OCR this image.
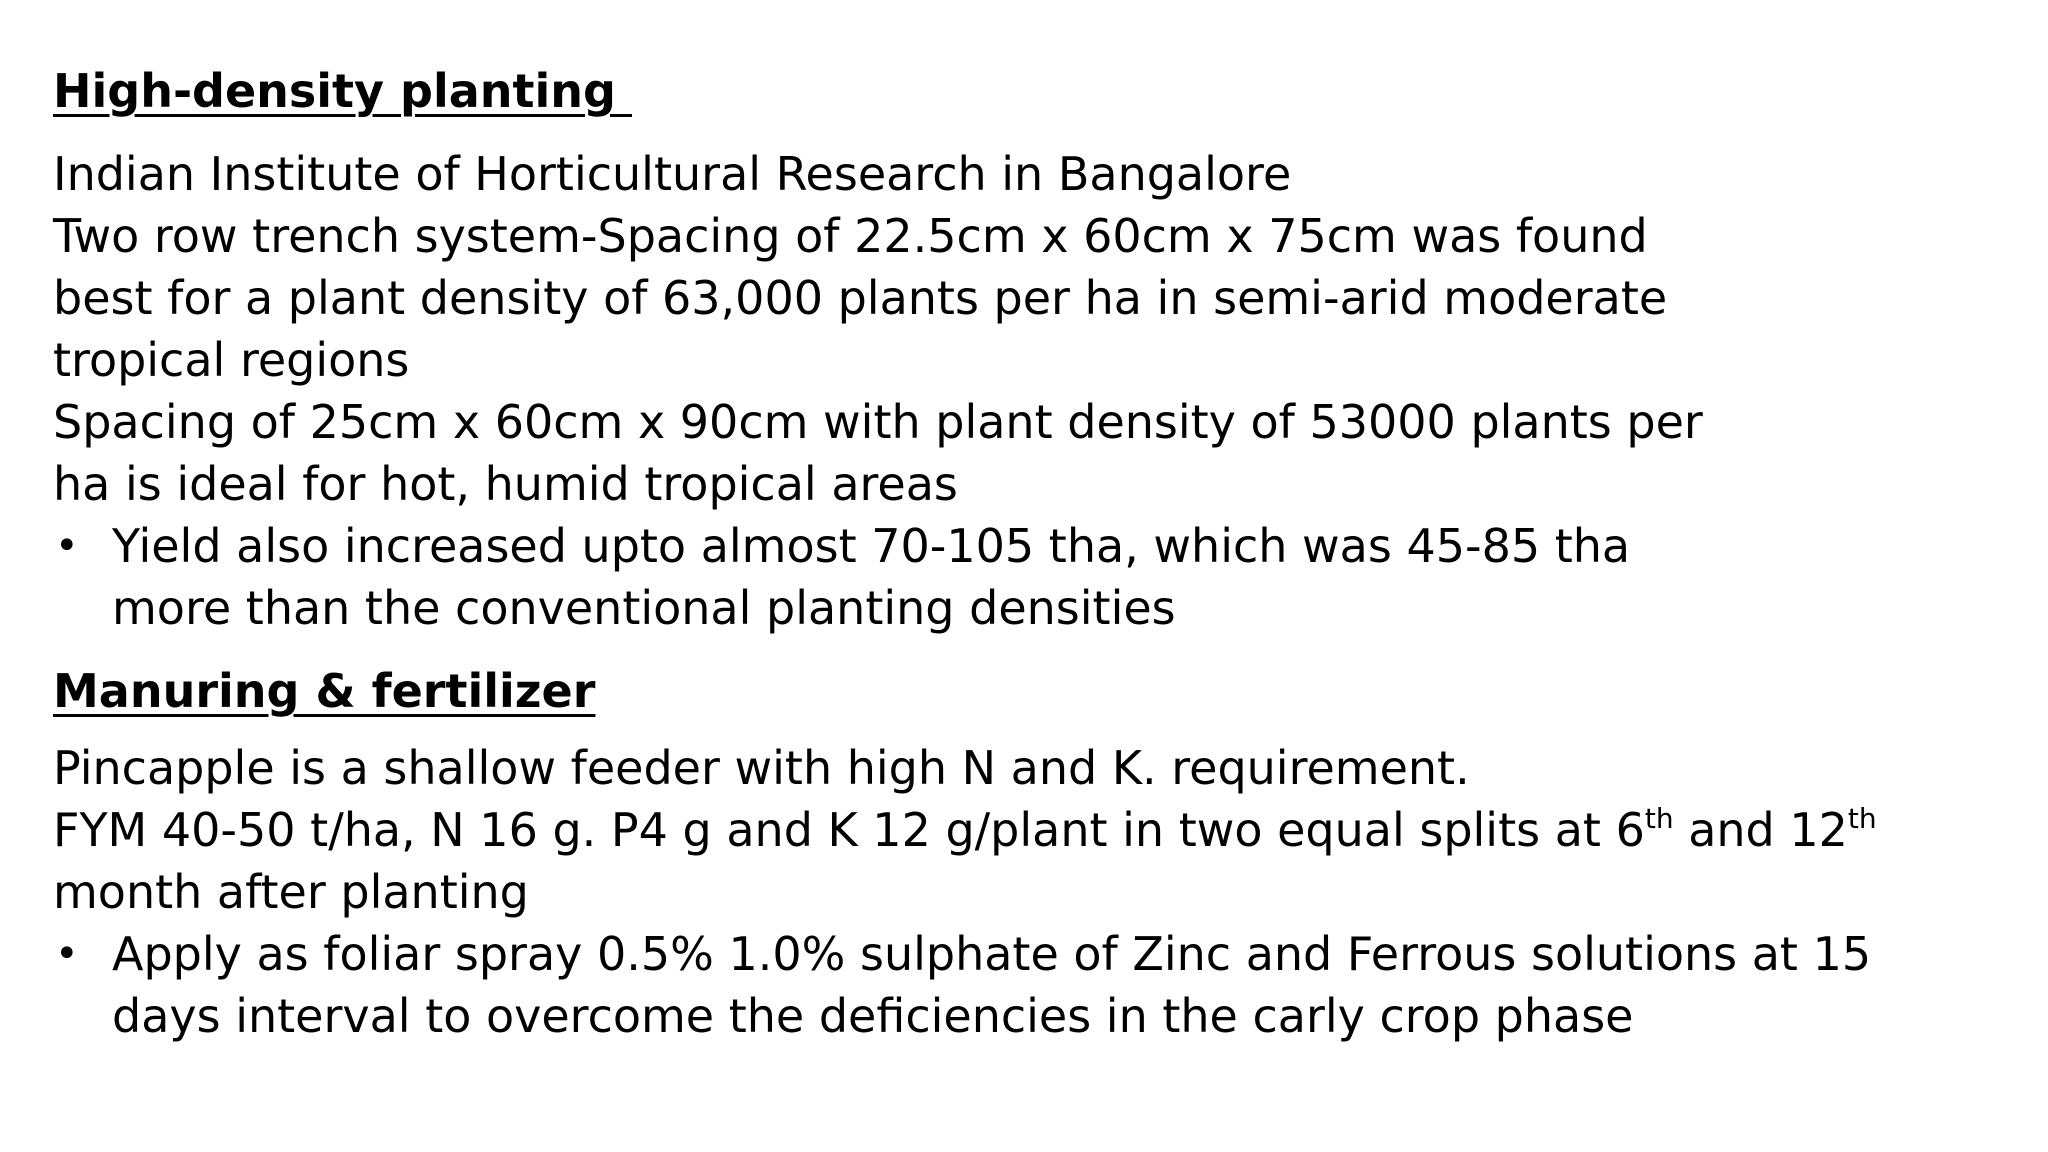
High-density planting
Indian Institute of Horticultural Research in Bangalore
Two row trench system-Spacing of 22.5cm x 60cm x 75cm was found
best for a plant density of 63,000 plants per ha in semi-arid moderate
tropical regions
Spacing of 25cm x 60cm x 90cm with plant density of 53000 plants per
ha is ideal for hot, humid tropical areas
• Yield also increased upto almost 70-105 tha, which was 45-85 tha
more than the conventional planting densities
Manuring & fertilizer
Pincapple is a shallow feeder with high N and K. requirement.
FYM 40-50 t/ha, N 16 g. P4 g and K 12 g/plant in two equal splits at 6th and 12th
month after planting
• Apply as foliar spray 0.5% 1.0% sulphate of Zinc and Ferrous solutions at 15
days interval to overcome the deficiencies in the carly crop phase
